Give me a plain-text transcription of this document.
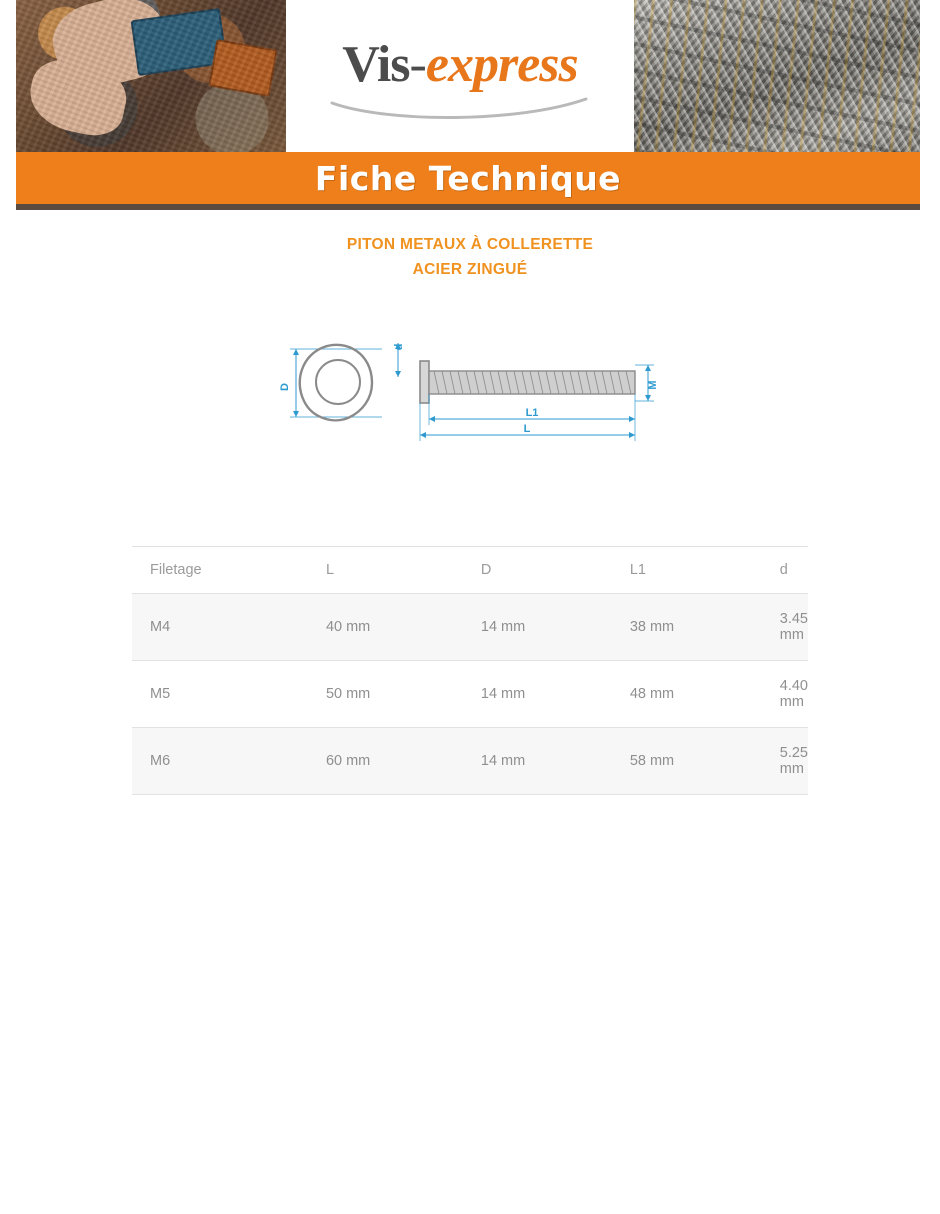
Vis-express
Fiche Technique
PITON METAUX À COLLERETTE
ACIER ZINGUÉ
D
d
M
L1
L
Filetage	L	D	L1	d
M4	40 mm	14 mm	38 mm	3.45 mm
M5	50 mm	14 mm	48 mm	4.40 mm
M6	60 mm	14 mm	58 mm	5.25 mm
